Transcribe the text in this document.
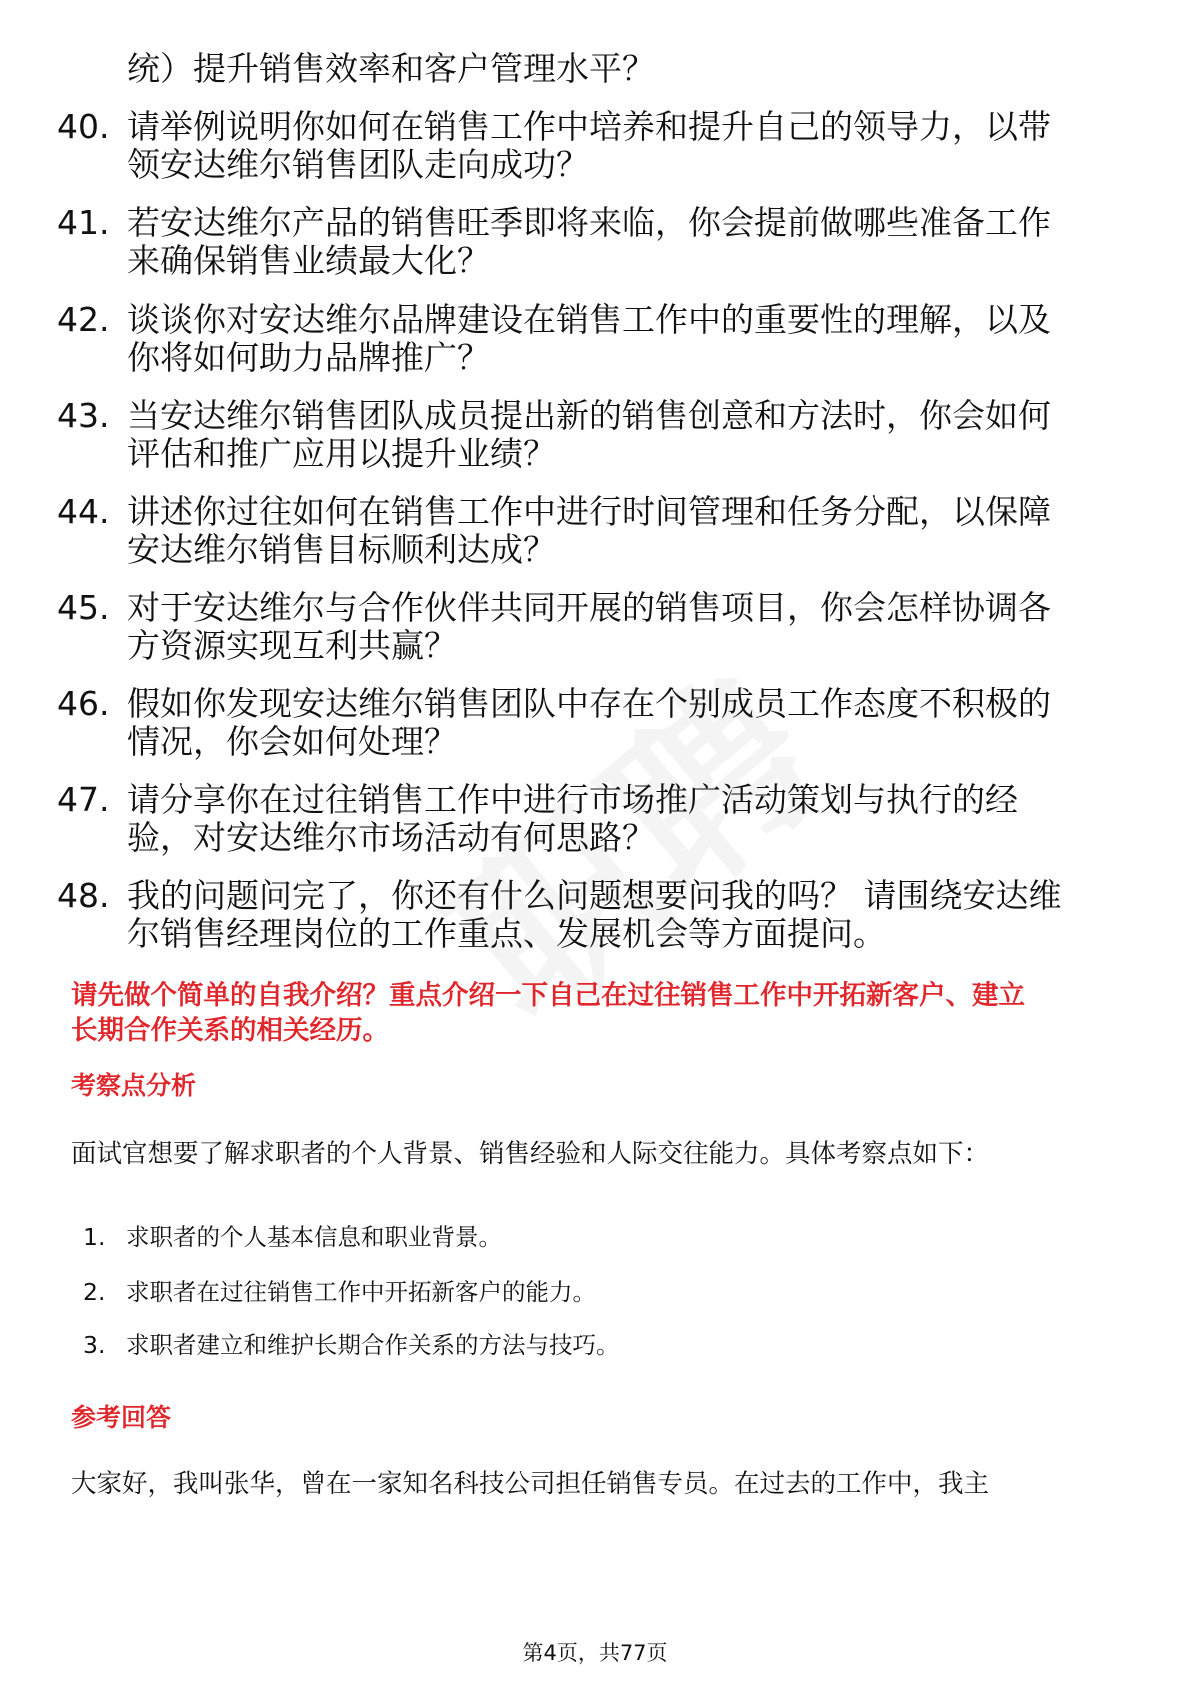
统）提升销售效率和客户管理水平？
40. 请举例说明你如何在销售工作中培养和提升自己的领导力，以带
领安达维尔销售团队走向成功？
41. 若安达维尔产品的销售旺季即将来临，你会提前做哪些准备工作
来确保销售业绩最大化？
42. 谈谈你对安达维尔品牌建设在销售工作中的重要性的理解，以及
你将如何助力品牌推广？
43. 当安达维尔销售团队成员提出新的销售创意和方法时，你会如何
评估和推广应用以提升业绩？
44. 讲述你过往如何在销售工作中进行时间管理和任务分配，以保障
安达维尔销售目标顺利达成？
45. 对于安达维尔与合作伙伴共同开展的销售项目，你会怎样协调各
方资源实现互利共赢？
46. 假如你发现安达维尔销售团队中存在个别成员工作态度不积极的
情况，你会如何处理？
47. 请分享你在过往销售工作中进行市场推广活动策划与执行的经
验，对安达维尔市场活动有何思路？
48. 我的问题问完了，你还有什么问题想要问我的吗？ 请围绕安达维
尔销售经理岗位的工作重点、发展机会等方面提问。
请先做个简单的自我介绍？重点介绍一下自己在过往销售工作中开拓新客户、建立
长期合作关系的相关经历。
考察点分析
面试官想要了解求职者的个人背景、销售经验和人际交往能力。具体考察点如下：
1. 求职者的个人基本信息和职业背景。
2. 求职者在过往销售工作中开拓新客户的能力。
3. 求职者建立和维护长期合作关系的方法与技巧。
参考回答
大家好，我叫张华，曾在一家知名科技公司担任销售专员。在过去的工作中，我主
第4页，共77页
